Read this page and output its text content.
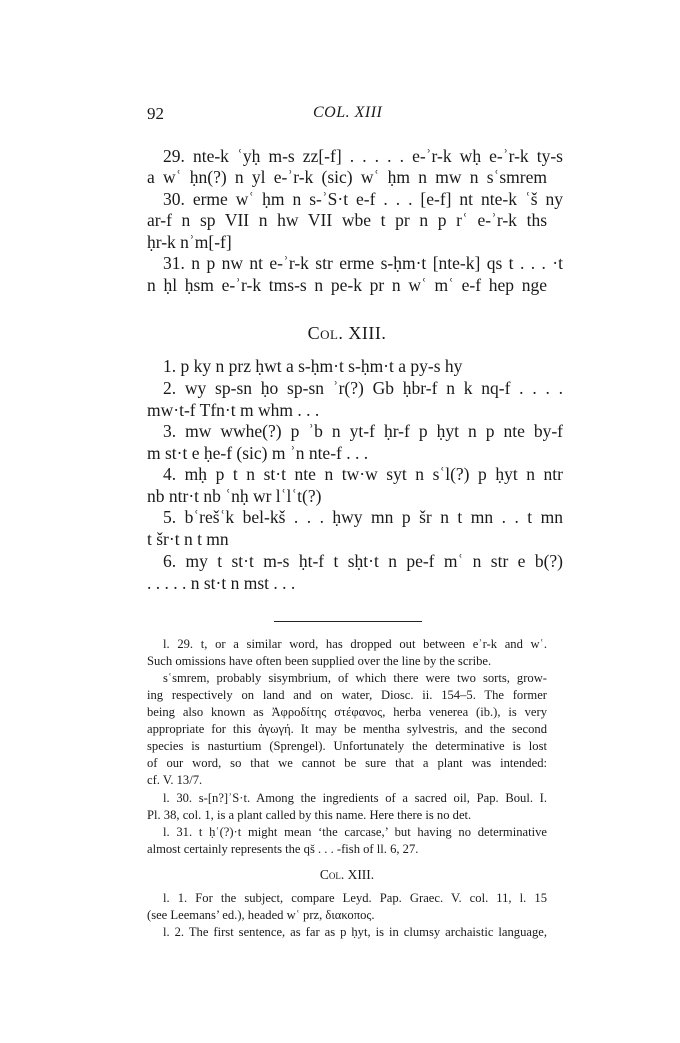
92	COL. XIII
29. nte-k ʿyḥ m-s zz[-f] . . . . . e-ʾr-k wḥ e-ʾr-k ty-s
a wʿ ḥn(?) n yl e-ʾr-k (sic) wʿ ḥm n mw n sʿsmrem
30. erme wʿ ḥm n s-ʾS·t e-f . . . [e-f] nt nte-k ʿš ny
ar-f n sp VII n hw VII wbe t pr n p rʿ e-ʾr-k ths
ḥr-k nʾm[-f]
31. n p nw nt e-ʾr-k str erme s-ḥm·t [nte-k] qs t . . . ·t
n ḥl ḥsm e-ʾr-k tms-s n pe-k pr n wʿ mʿ e-f hep nge
Col. XIII.
1. p ky n prz ḥwt a s-ḥm·t s-ḥm·t a py-s hy
2. wy sp-sn ḥo sp-sn ʾr(?) Gb ḥbr-f n k nq-f . . . .
mw·t-f Tfn·t m whm . . .
3. mw wwhe(?) p ʾb n yt-f ḥr-f p ḥyt n p nte by-f
m st·t e ḥe-f (sic) m ʾn nte-f . . .
4. mḥ p t n st·t nte n tw·w syt n sʿl(?) p ḥyt n ntr
nb ntr·t nb ʿnḥ wr lʿlʿt(?)
5. bʿrešʿk bel-kš . . . ḥwy mn p šr n t mn . . t mn
t šr·t n t mn
6. my t st·t m-s ḥt-f t sḥt·t n pe-f mʿ n str e b(?)
. . . . . n st·t n mst . . .
l. 29. t, or a similar word, has dropped out between eʾr-k and wʿ.
Such omissions have often been supplied over the line by the scribe.
sʿsmrem, probably sisymbrium, of which there were two sorts, grow-
ing respectively on land and on water, Diosc. ii. 154–5. The former
being also known as Ἀφροδίτης στέφανος, herba venerea (ib.), is very
appropriate for this ἀγωγή. It may be mentha sylvestris, and the second
species is nasturtium (Sprengel). Unfortunately the determinative is lost
of our word, so that we cannot be sure that a plant was intended:
cf. V. 13/7.
l. 30. s-[n?]ʾS·t. Among the ingredients of a sacred oil, Pap. Boul. I.
Pl. 38, col. 1, is a plant called by this name. Here there is no det.
l. 31. t ḥʿ(?)·t might mean ‘the carcase,’ but having no determinative
almost certainly represents the qš . . . -fish of ll. 6, 27.
Col. XIII.
l. 1. For the subject, compare Leyd. Pap. Graec. V. col. 11, l. 15
(see Leemans’ ed.), headed wʿ prz, διακοπος.
l. 2. The first sentence, as far as p ḥyt, is in clumsy archaistic language,
